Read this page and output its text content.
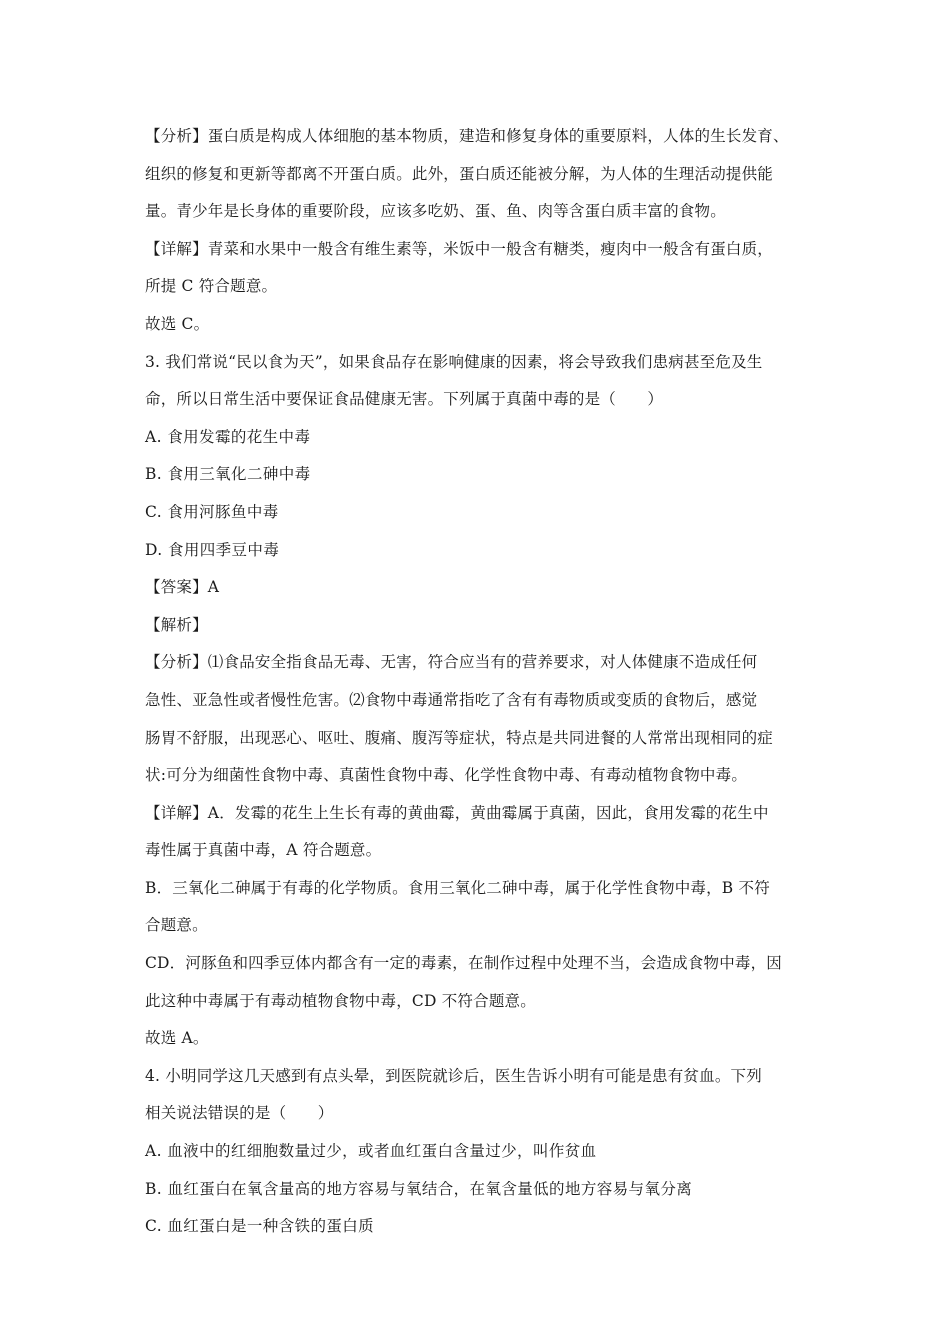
【分析】蛋白质是构成人体细胞的基本物质，建造和修复身体的重要原料，人体的生长发育、
组织的修复和更新等都离不开蛋白质。此外，蛋白质还能被分解，为人体的生理活动提供能
量。青少年是长身体的重要阶段，应该多吃奶、蛋、鱼、肉等含蛋白质丰富的食物。
【详解】青菜和水果中一般含有维生素等，米饭中一般含有糖类，瘦肉中一般含有蛋白质，
所提 C 符合题意。
故选 C。
3. 我们常说“民以食为天”，如果食品存在影响健康的因素，将会导致我们患病甚至危及生
命，所以日常生活中要保证食品健康无害。下列属于真菌中毒的是（　　）
A. 食用发霉的花生中毒
B. 食用三氧化二砷中毒
C. 食用河豚鱼中毒
D. 食用四季豆中毒
【答案】A
【解析】
【分析】⑴食品安全指食品无毒、无害，符合应当有的营养要求，对人体健康不造成任何
急性、亚急性或者慢性危害。⑵食物中毒通常指吃了含有有毒物质或变质的食物后，感觉
肠胃不舒服，出现恶心、呕吐、腹痛、腹泻等症状，特点是共同进餐的人常常出现相同的症
状:可分为细菌性食物中毒、真菌性食物中毒、化学性食物中毒、有毒动植物食物中毒。
【详解】A．发霉的花生上生长有毒的黄曲霉，黄曲霉属于真菌，因此，食用发霉的花生中
毒性属于真菌中毒，A 符合题意。
B．三氧化二砷属于有毒的化学物质。食用三氧化二砷中毒，属于化学性食物中毒，B 不符
合题意。
CD．河豚鱼和四季豆体内都含有一定的毒素，在制作过程中处理不当，会造成食物中毒，因
此这种中毒属于有毒动植物食物中毒，CD 不符合题意。
故选 A。
4. 小明同学这几天感到有点头晕，到医院就诊后，医生告诉小明有可能是患有贫血。下列
相关说法错误的是（　　）
A. 血液中的红细胞数量过少，或者血红蛋白含量过少，叫作贫血
B. 血红蛋白在氧含量高的地方容易与氧结合，在氧含量低的地方容易与氧分离
C. 血红蛋白是一种含铁的蛋白质
